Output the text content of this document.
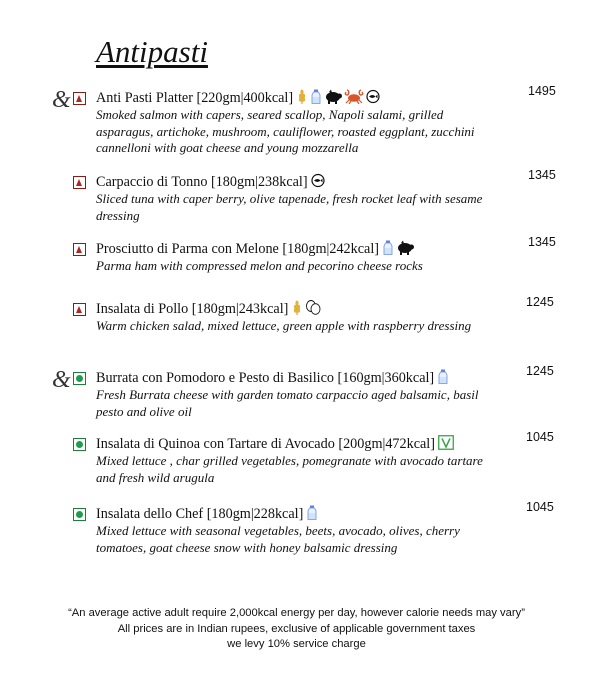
Antipasti
& Anti Pasti Platter [220gm|400kcal]
Smoked salmon with capers, seared scallop, Napoli salami, grilled asparagus, artichoke, mushroom, cauliflower, roasted eggplant, zucchini cannelloni with goat cheese and young mozzarella
1495
Carpaccio di Tonno [180gm|238kcal]
Sliced tuna with caper berry, olive tapenade, fresh rocket leaf with sesame dressing
1345
Prosciutto di Parma con Melone [180gm|242kcal]
Parma ham with compressed melon and pecorino cheese rocks
1345
Insalata di Pollo [180gm|243kcal]
Warm chicken salad, mixed lettuce, green apple with raspberry dressing
1245
& Burrata con Pomodoro e Pesto di Basilico [160gm|360kcal]
Fresh Burrata cheese with garden tomato carpaccio aged balsamic, basil pesto and olive oil
1245
Insalata di Quinoa con Tartare di Avocado [200gm|472kcal]
Mixed lettuce , char grilled vegetables, pomegranate with avocado tartare and fresh wild arugula
1045
Insalata dello Chef [180gm|228kcal]
Mixed lettuce with seasonal vegetables, beets, avocado, olives, cherry tomatoes, goat cheese snow with honey balsamic dressing
1045
“An average active adult require 2,000kcal energy per day, however calorie needs may vary”
All prices are in Indian rupees, exclusive of applicable government taxes
we levy 10% service charge
